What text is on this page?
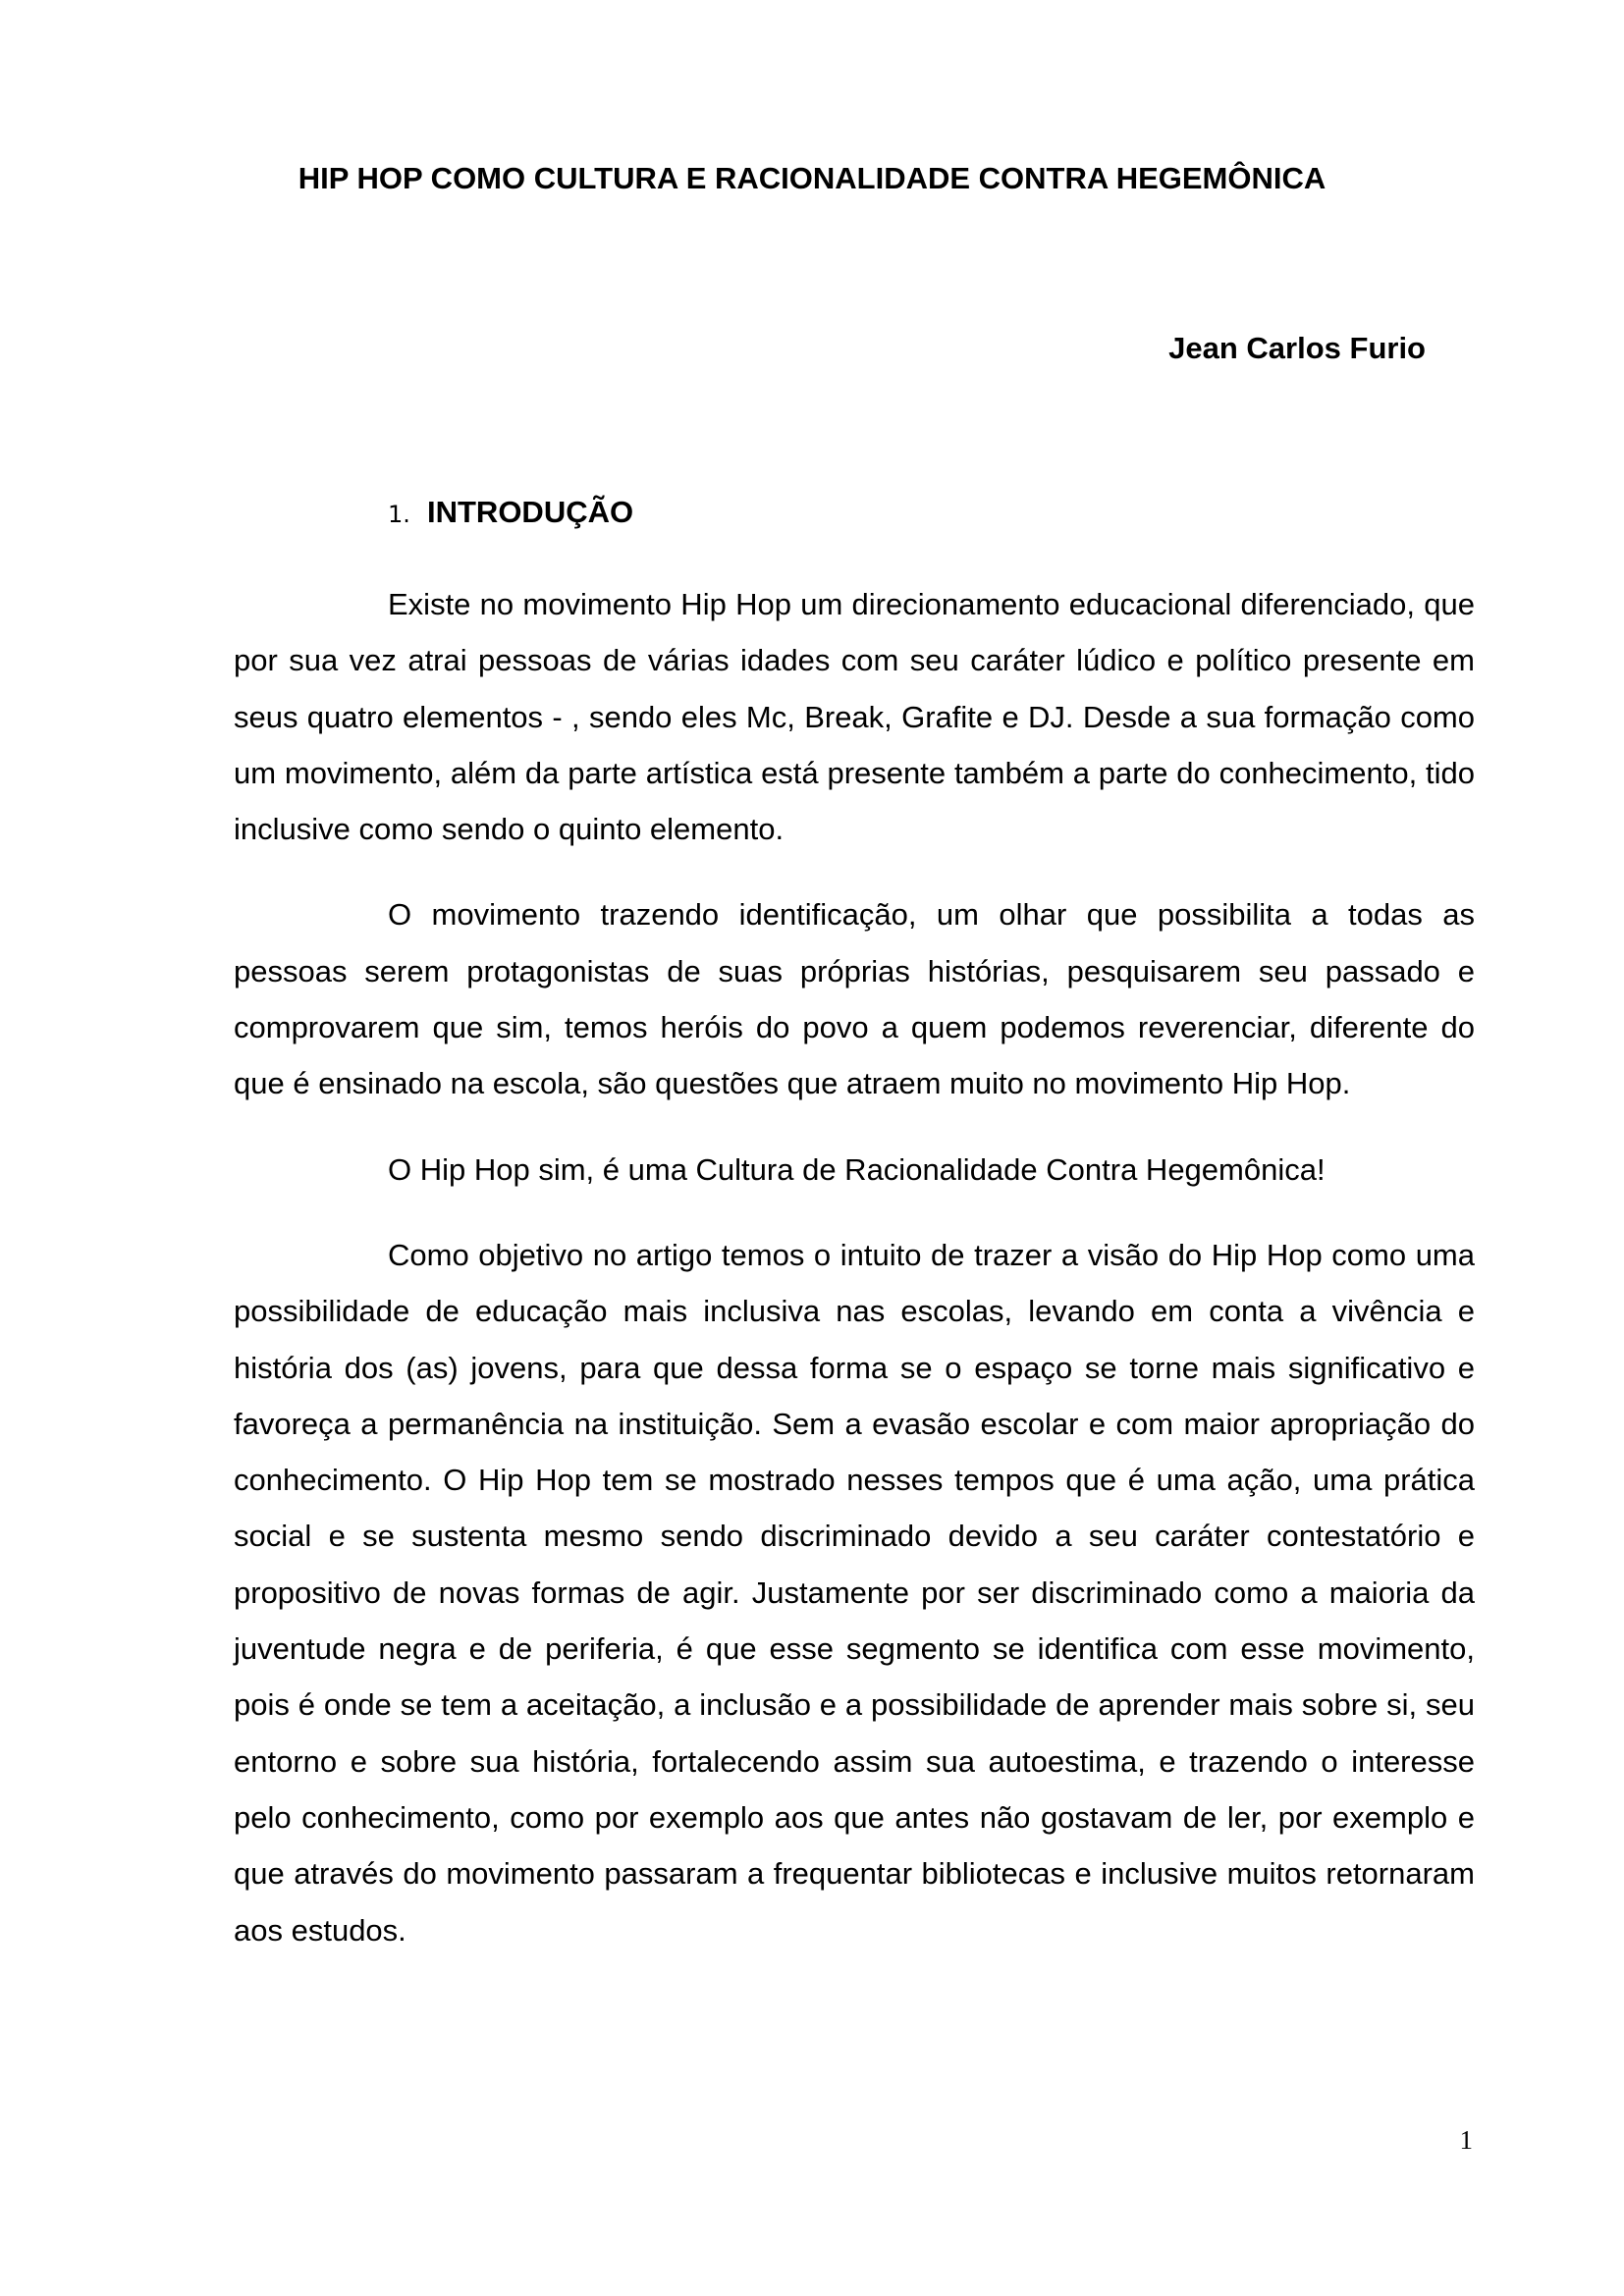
HIP HOP COMO CULTURA E RACIONALIDADE CONTRA HEGEMÔNICA

Jean Carlos Furio

1. INTRODUÇÃO

Existe no movimento Hip Hop um direcionamento educacional diferenciado, que por sua vez atrai pessoas de várias idades com seu caráter lúdico e político presente em seus quatro elementos - , sendo eles Mc, Break, Grafite e DJ. Desde a sua formação como um movimento, além da parte artística está presente também a parte do conhecimento, tido inclusive como sendo o quinto elemento.

O movimento trazendo identificação, um olhar que possibilita a todas as pessoas serem protagonistas de suas próprias histórias, pesquisarem seu passado e comprovarem que sim, temos heróis do povo a quem podemos reverenciar, diferente do que é ensinado na escola, são questões que atraem muito no movimento Hip Hop.

O Hip Hop sim, é uma Cultura de Racionalidade Contra Hegemônica!

Como objetivo no artigo temos o intuito de trazer a visão do Hip Hop como uma possibilidade de educação mais inclusiva nas escolas, levando em conta a vivência e história dos (as) jovens, para que dessa forma se o espaço se torne mais significativo e favoreça a permanência na instituição. Sem a evasão escolar e com maior apropriação do conhecimento. O Hip Hop tem se mostrado nesses tempos que é uma ação, uma prática social e se sustenta mesmo sendo discriminado devido a seu caráter contestatório e propositivo de novas formas de agir. Justamente por ser discriminado como a maioria da juventude negra e de periferia, é que esse segmento se identifica com esse movimento, pois é onde se tem a aceitação, a inclusão e a possibilidade de aprender mais sobre si, seu entorno e sobre sua história, fortalecendo assim sua autoestima, e trazendo o interesse pelo conhecimento, como por exemplo aos que antes não gostavam de ler, por exemplo e que através do movimento passaram a frequentar bibliotecas e inclusive muitos retornaram aos estudos.

1
